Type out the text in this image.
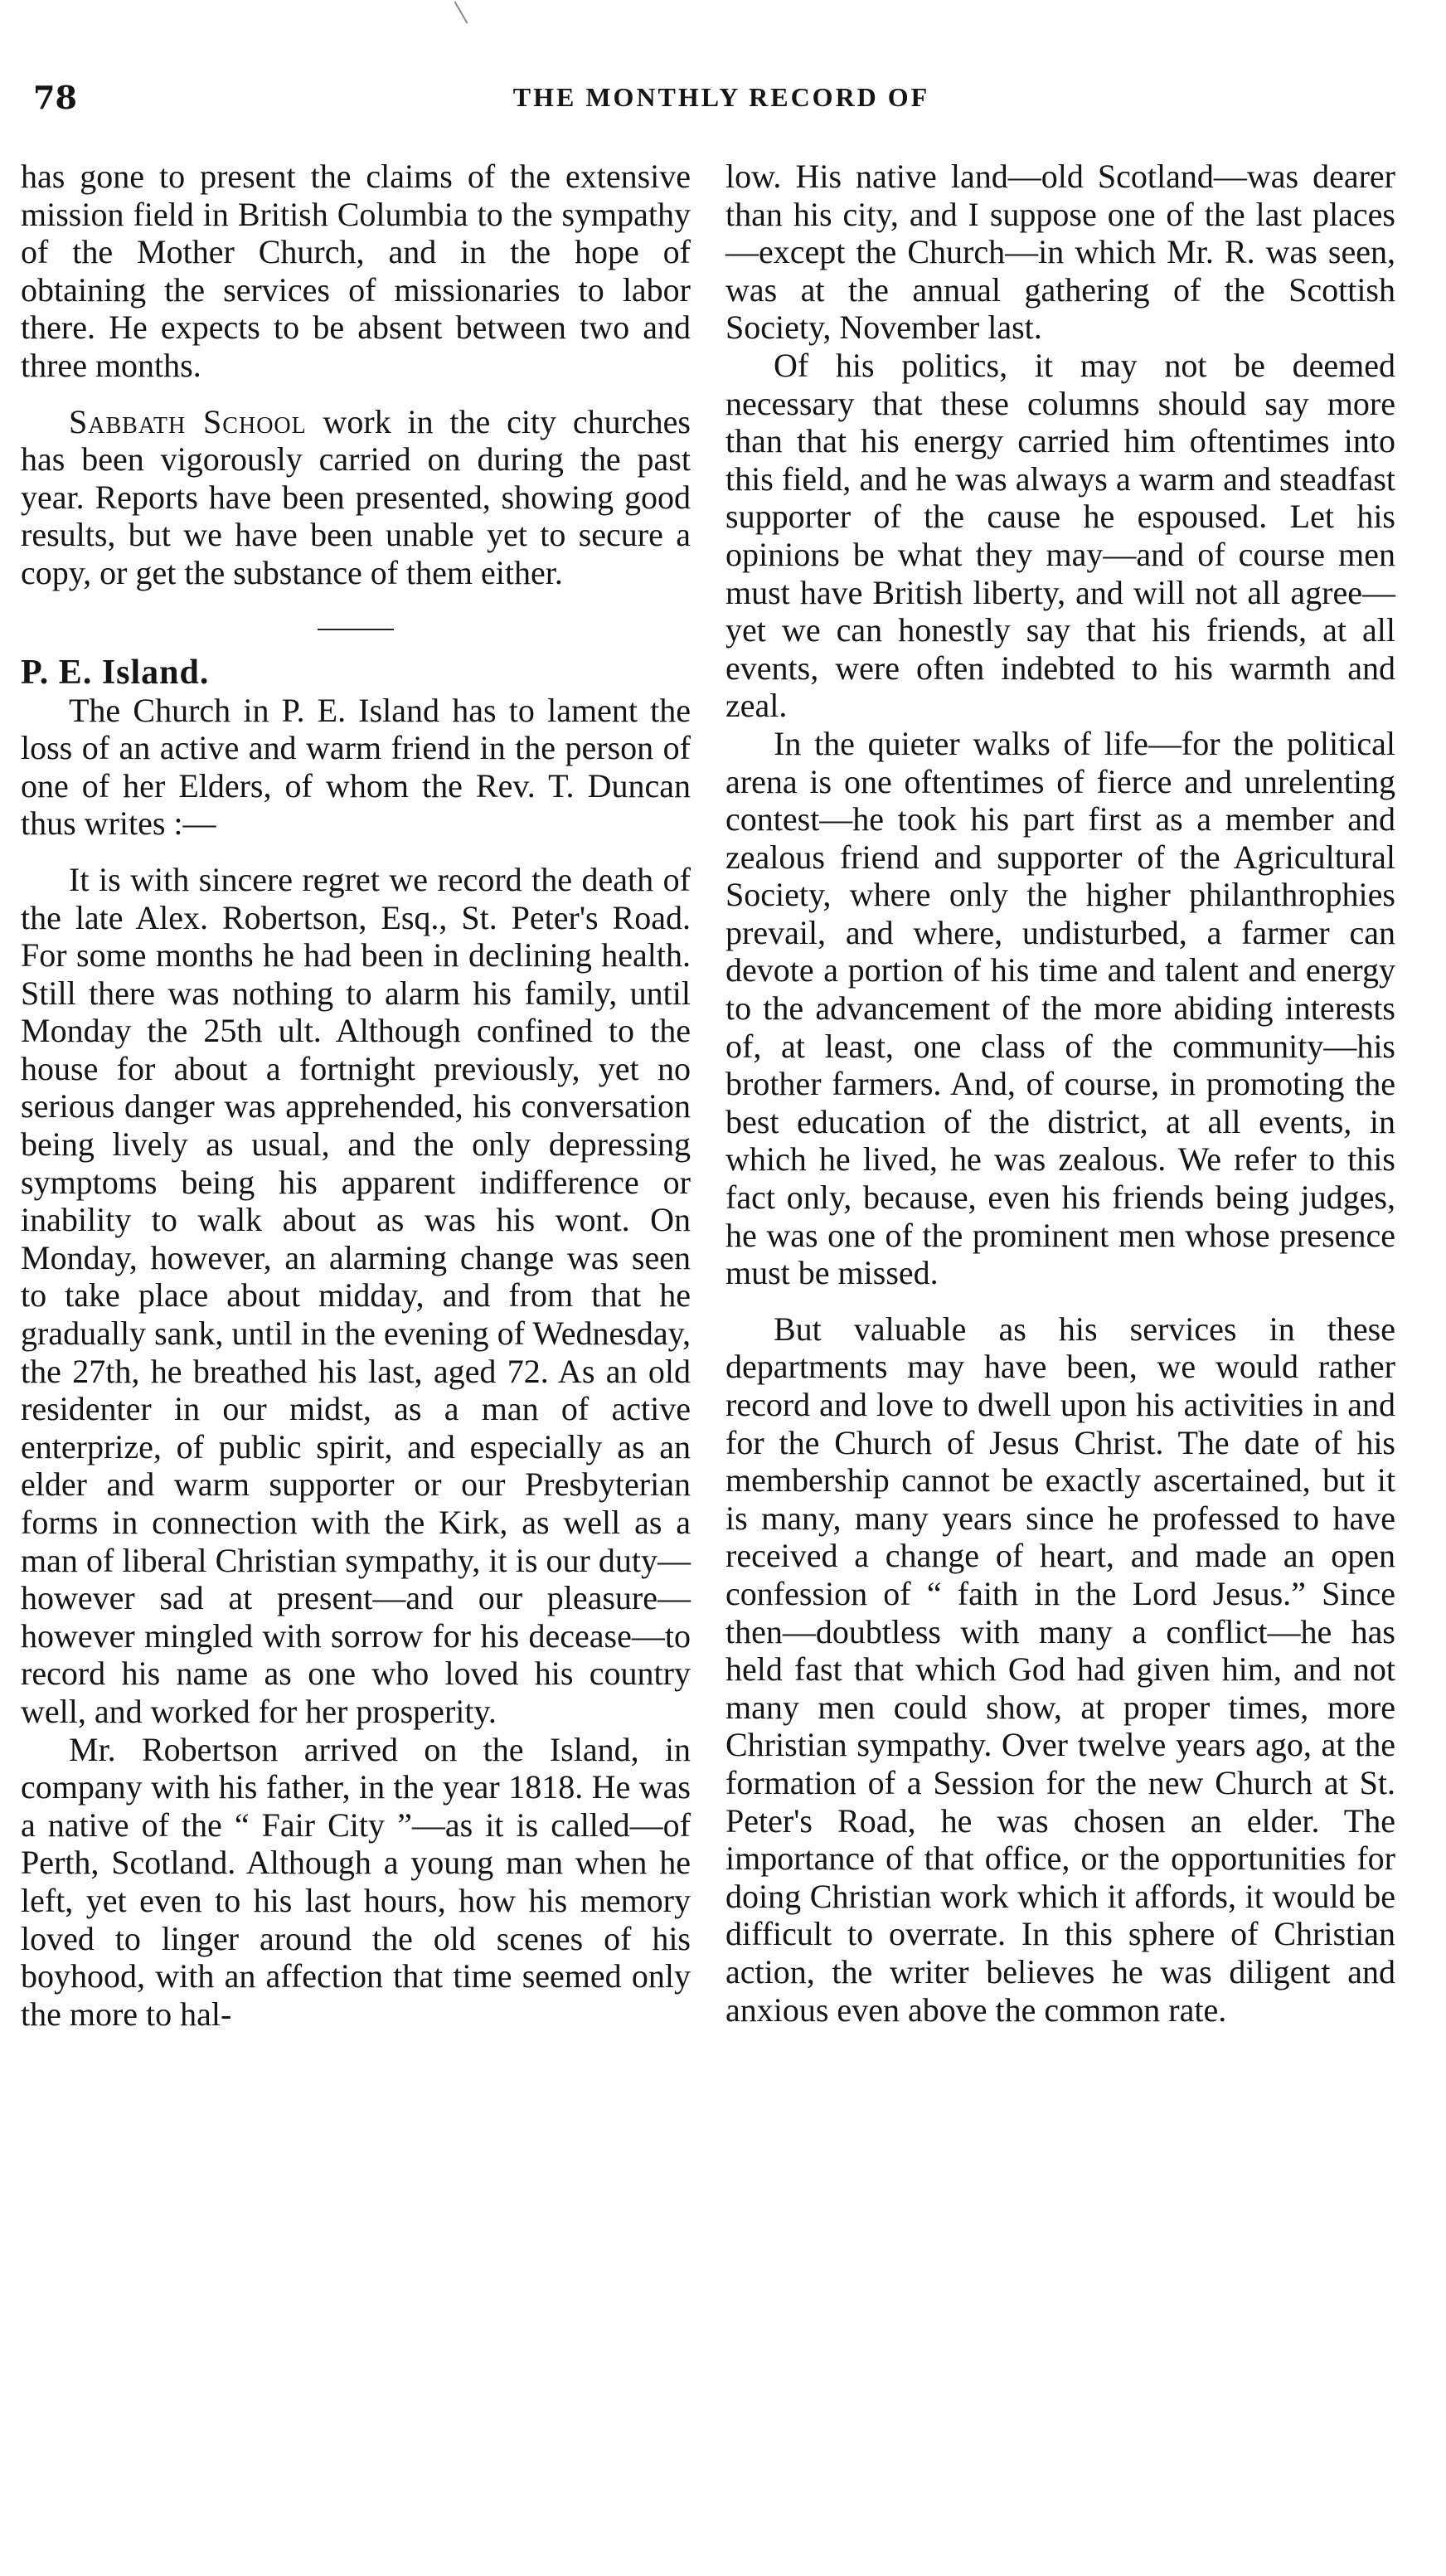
78	THE MONTHLY RECORD OF

has gone to present the claims of the extensive mission field in British Columbia to the sympathy of the Mother Church, and in the hope of obtaining the services of missionaries to labor there. He expects to be absent between two and three months.

Sabbath School work in the city churches has been vigorously carried on during the past year. Reports have been presented, showing good results, but we have been unable yet to secure a copy, or get the substance of them either.

P. E. Island.

The Church in P. E. Island has to lament the loss of an active and warm friend in the person of one of her Elders, of whom the Rev. T. Duncan thus writes :—

It is with sincere regret we record the death of the late Alex. Robertson, Esq., St. Peter's Road. For some months he had been in declining health. Still there was nothing to alarm his family, until Monday the 25th ult. Although confined to the house for about a fortnight previously, yet no serious danger was apprehended, his conversation being lively as usual, and the only depressing symptoms being his apparent indifference or inability to walk about as was his wont. On Monday, however, an alarming change was seen to take place about midday, and from that he gradually sank, until in the evening of Wednesday, the 27th, he breathed his last, aged 72. As an old residenter in our midst, as a man of active enterprize, of public spirit, and especially as an elder and warm supporter or our Presbyterian forms in connection with the Kirk, as well as a man of liberal Christian sympathy, it is our duty—however sad at present—and our pleasure—however mingled with sorrow for his decease—to record his name as one who loved his country well, and worked for her prosperity.

Mr. Robertson arrived on the Island, in company with his father, in the year 1818. He was a native of the “ Fair City ”—as it is called—of Perth, Scotland. Although a young man when he left, yet even to his last hours, how his memory loved to linger around the old scenes of his boyhood, with an affection that time seemed only the more to hal-

low. His native land—old Scotland—was dearer than his city, and I suppose one of the last places—except the Church—in which Mr. R. was seen, was at the annual gathering of the Scottish Society, November last.

Of his politics, it may not be deemed necessary that these columns should say more than that his energy carried him oftentimes into this field, and he was always a warm and steadfast supporter of the cause he espoused. Let his opinions be what they may—and of course men must have British liberty, and will not all agree—yet we can honestly say that his friends, at all events, were often indebted to his warmth and zeal.

In the quieter walks of life—for the political arena is one oftentimes of fierce and unrelenting contest—he took his part first as a member and zealous friend and supporter of the Agricultural Society, where only the higher philanthrophies prevail, and where, undisturbed, a farmer can devote a portion of his time and talent and energy to the advancement of the more abiding interests of, at least, one class of the community—his brother farmers. And, of course, in promoting the best education of the district, at all events, in which he lived, he was zealous. We refer to this fact only, because, even his friends being judges, he was one of the prominent men whose presence must be missed.

But valuable as his services in these departments may have been, we would rather record and love to dwell upon his activities in and for the Church of Jesus Christ. The date of his membership cannot be exactly ascertained, but it is many, many years since he professed to have received a change of heart, and made an open confession of “ faith in the Lord Jesus.” Since then—doubtless with many a conflict—he has held fast that which God had given him, and not many men could show, at proper times, more Christian sympathy. Over twelve years ago, at the formation of a Session for the new Church at St. Peter's Road, he was chosen an elder. The importance of that office, or the opportunities for doing Christian work which it affords, it would be difficult to overrate. In this sphere of Christian action, the writer believes he was diligent and anxious even above the common rate.
